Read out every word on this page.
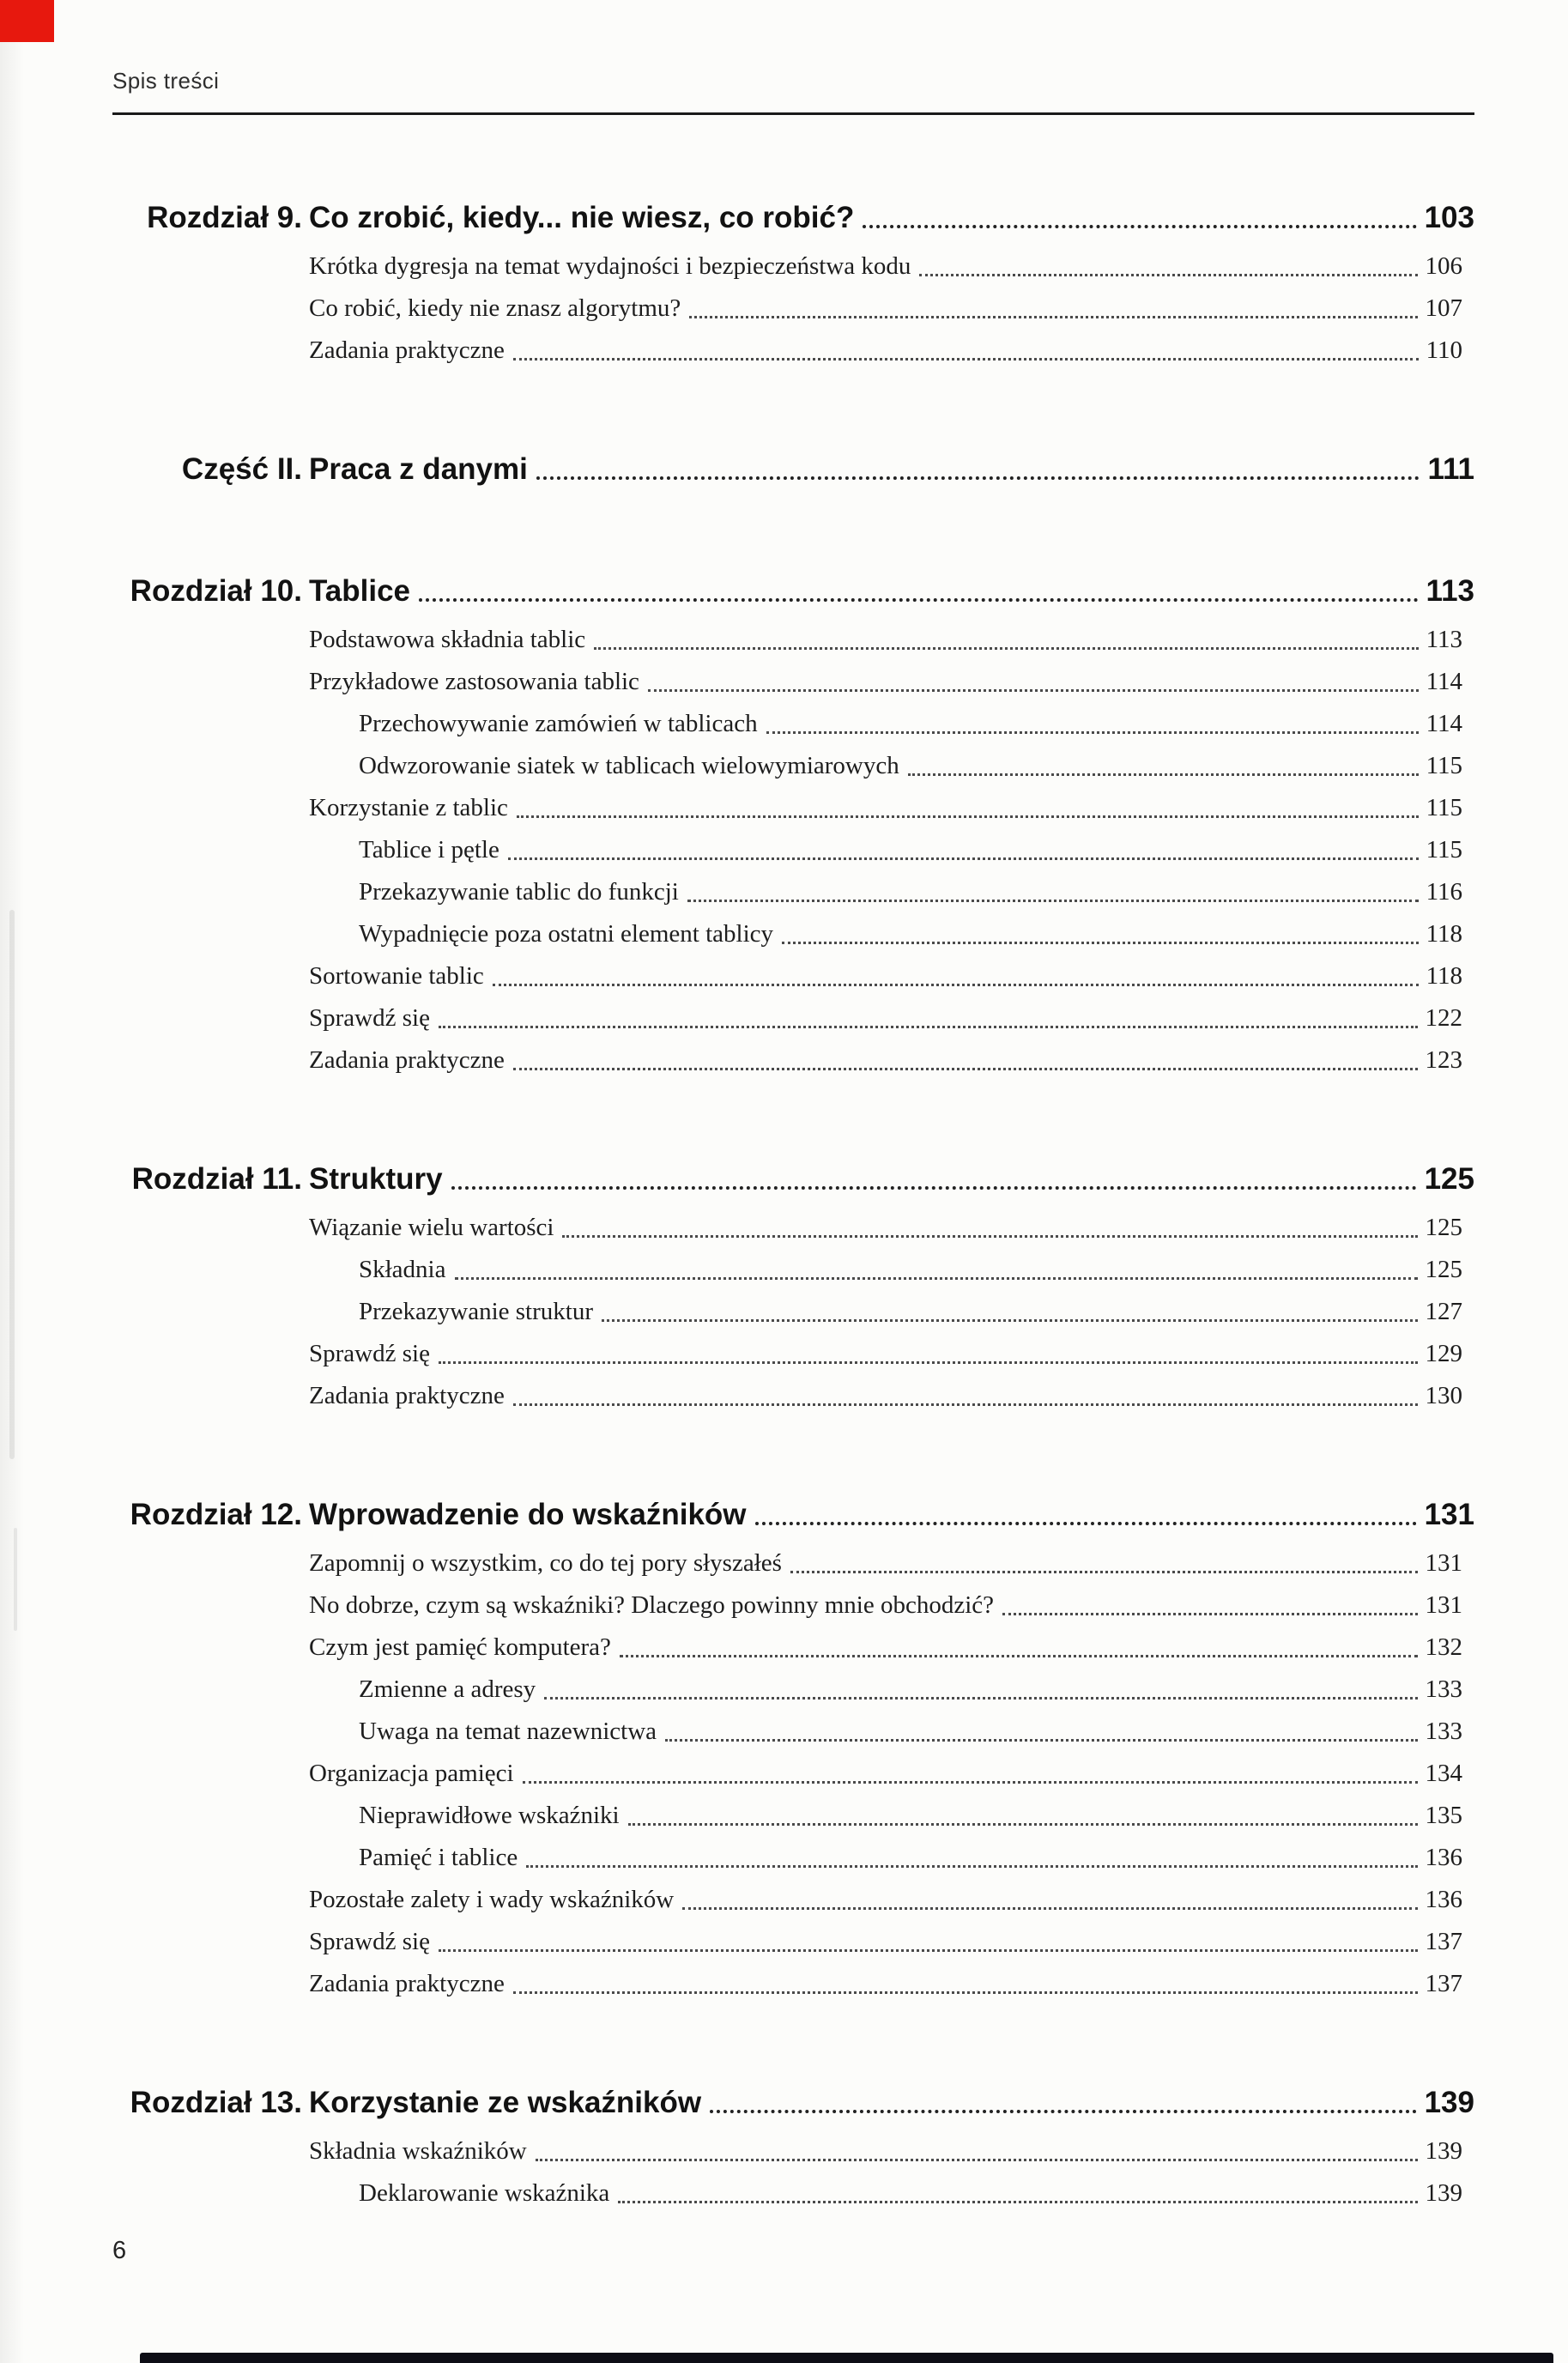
Spis treści
Rozdział 9. Co zrobić, kiedy... nie wiesz, co robić?	103
Krótka dygresja na temat wydajności i bezpieczeństwa kodu	106
Co robić, kiedy nie znasz algorytmu?	107
Zadania praktyczne	110
Część II. Praca z danymi	111
Rozdział 10. Tablice	113
Podstawowa składnia tablic	113
Przykładowe zastosowania tablic	114
Przechowywanie zamówień w tablicach	114
Odwzorowanie siatek w tablicach wielowymiarowych	115
Korzystanie z tablic	115
Tablice i pętle	115
Przekazywanie tablic do funkcji	116
Wypadnięcie poza ostatni element tablicy	118
Sortowanie tablic	118
Sprawdź się	122
Zadania praktyczne	123
Rozdział 11. Struktury	125
Wiązanie wielu wartości	125
Składnia	125
Przekazywanie struktur	127
Sprawdź się	129
Zadania praktyczne	130
Rozdział 12. Wprowadzenie do wskaźników	131
Zapomnij o wszystkim, co do tej pory słyszałeś	131
No dobrze, czym są wskaźniki? Dlaczego powinny mnie obchodzić?	131
Czym jest pamięć komputera?	132
Zmienne a adresy	133
Uwaga na temat nazewnictwa	133
Organizacja pamięci	134
Nieprawidłowe wskaźniki	135
Pamięć i tablice	136
Pozostałe zalety i wady wskaźników	136
Sprawdź się	137
Zadania praktyczne	137
Rozdział 13. Korzystanie ze wskaźników	139
Składnia wskaźników	139
Deklarowanie wskaźnika	139
6
